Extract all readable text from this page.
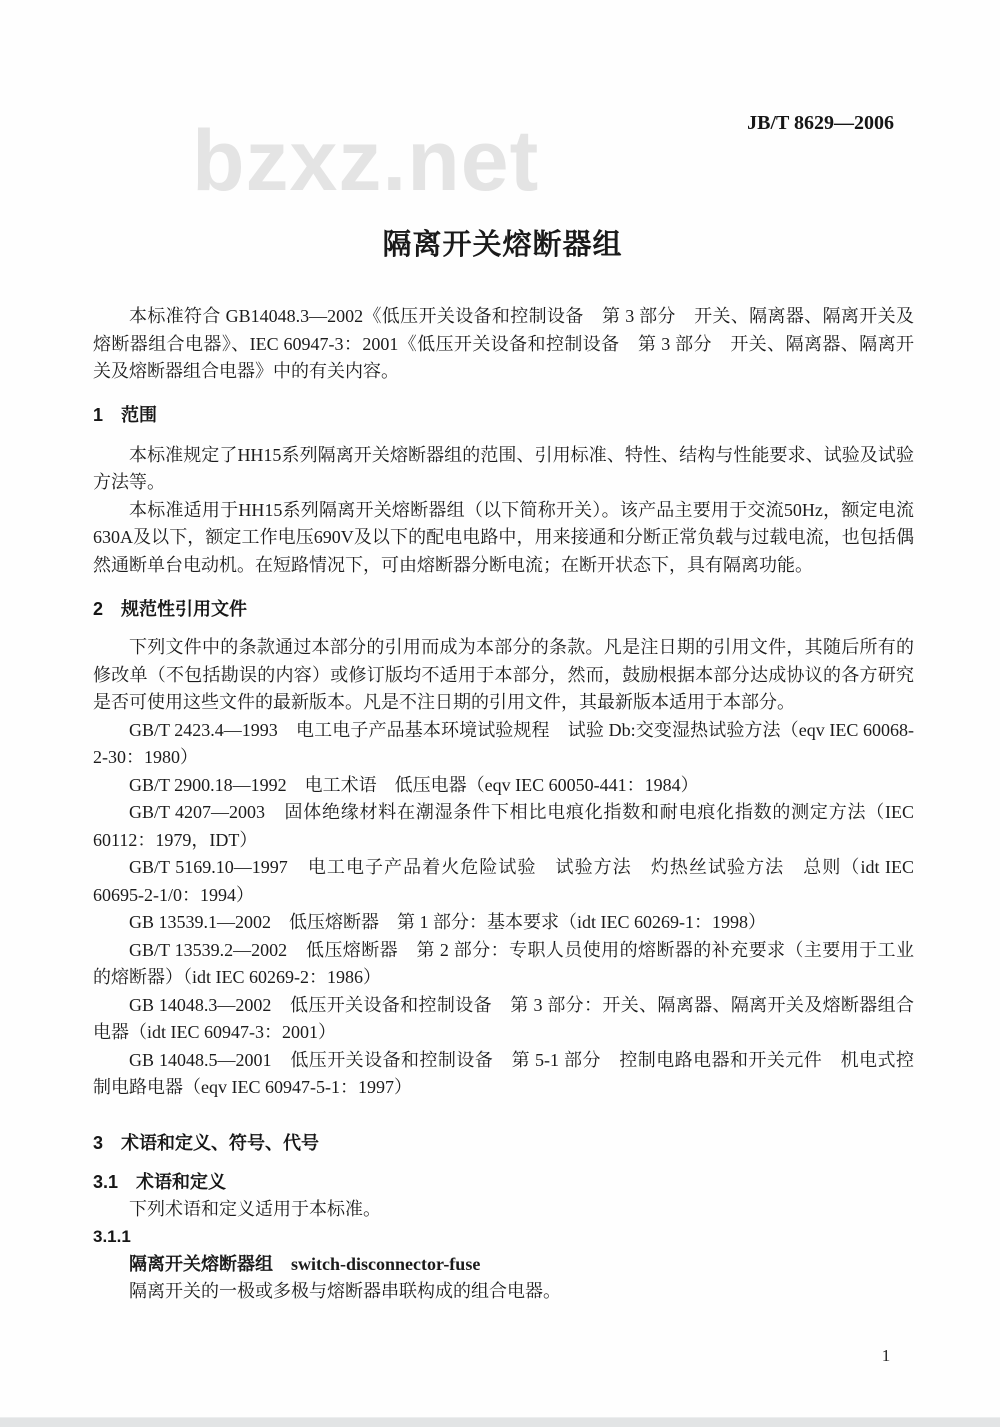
bzxz.net	JB/T 8629—2006
隔离开关熔断器组

本标准符合 GB14048.3—2002《低压开关设备和控制设备　第 3 部分　开关、隔离器、隔离开关及熔断器组合电器》、IEC 60947-3：2001《低压开关设备和控制设备　第 3 部分　开关、隔离器、隔离开关及熔断器组合电器》中的有关内容。

1　范围

本标准规定了HH15系列隔离开关熔断器组的范围、引用标准、特性、结构与性能要求、试验及试验方法等。

本标准适用于HH15系列隔离开关熔断器组（以下简称开关）。该产品主要用于交流50Hz，额定电流630A及以下，额定工作电压690V及以下的配电电路中，用来接通和分断正常负载与过载电流，也包括偶然通断单台电动机。在短路情况下，可由熔断器分断电流；在断开状态下，具有隔离功能。

2　规范性引用文件

下列文件中的条款通过本部分的引用而成为本部分的条款。凡是注日期的引用文件，其随后所有的修改单（不包括勘误的内容）或修订版均不适用于本部分，然而，鼓励根据本部分达成协议的各方研究是否可使用这些文件的最新版本。凡是不注日期的引用文件，其最新版本适用于本部分。

GB/T 2423.4—1993　电工电子产品基本环境试验规程　试验 Db:交变湿热试验方法（eqv IEC 60068-2-30：1980）

GB/T 2900.18—1992　电工术语　低压电器（eqv IEC 60050-441：1984）

GB/T 4207—2003　固体绝缘材料在潮湿条件下相比电痕化指数和耐电痕化指数的测定方法（IEC 60112：1979，IDT）

GB/T 5169.10—1997　电工电子产品着火危险试验　试验方法　灼热丝试验方法　总则（idt IEC 60695-2-1/0：1994）

GB 13539.1—2002　低压熔断器　第 1 部分：基本要求（idt IEC 60269-1：1998）

GB/T 13539.2—2002　低压熔断器　第 2 部分：专职人员使用的熔断器的补充要求（主要用于工业的熔断器）（idt IEC 60269-2：1986）

GB 14048.3—2002　低压开关设备和控制设备　第 3 部分：开关、隔离器、隔离开关及熔断器组合电器（idt IEC 60947-3：2001）

GB 14048.5—2001　低压开关设备和控制设备　第 5-1 部分　控制电路电器和开关元件　机电式控制电路电器（eqv IEC 60947-5-1：1997）

3　术语和定义、符号、代号
3.1　术语和定义

下列术语和定义适用于本标准。

3.1.1

隔离开关熔断器组　switch-disconnector-fuse

隔离开关的一极或多极与熔断器串联构成的组合电器。

1
